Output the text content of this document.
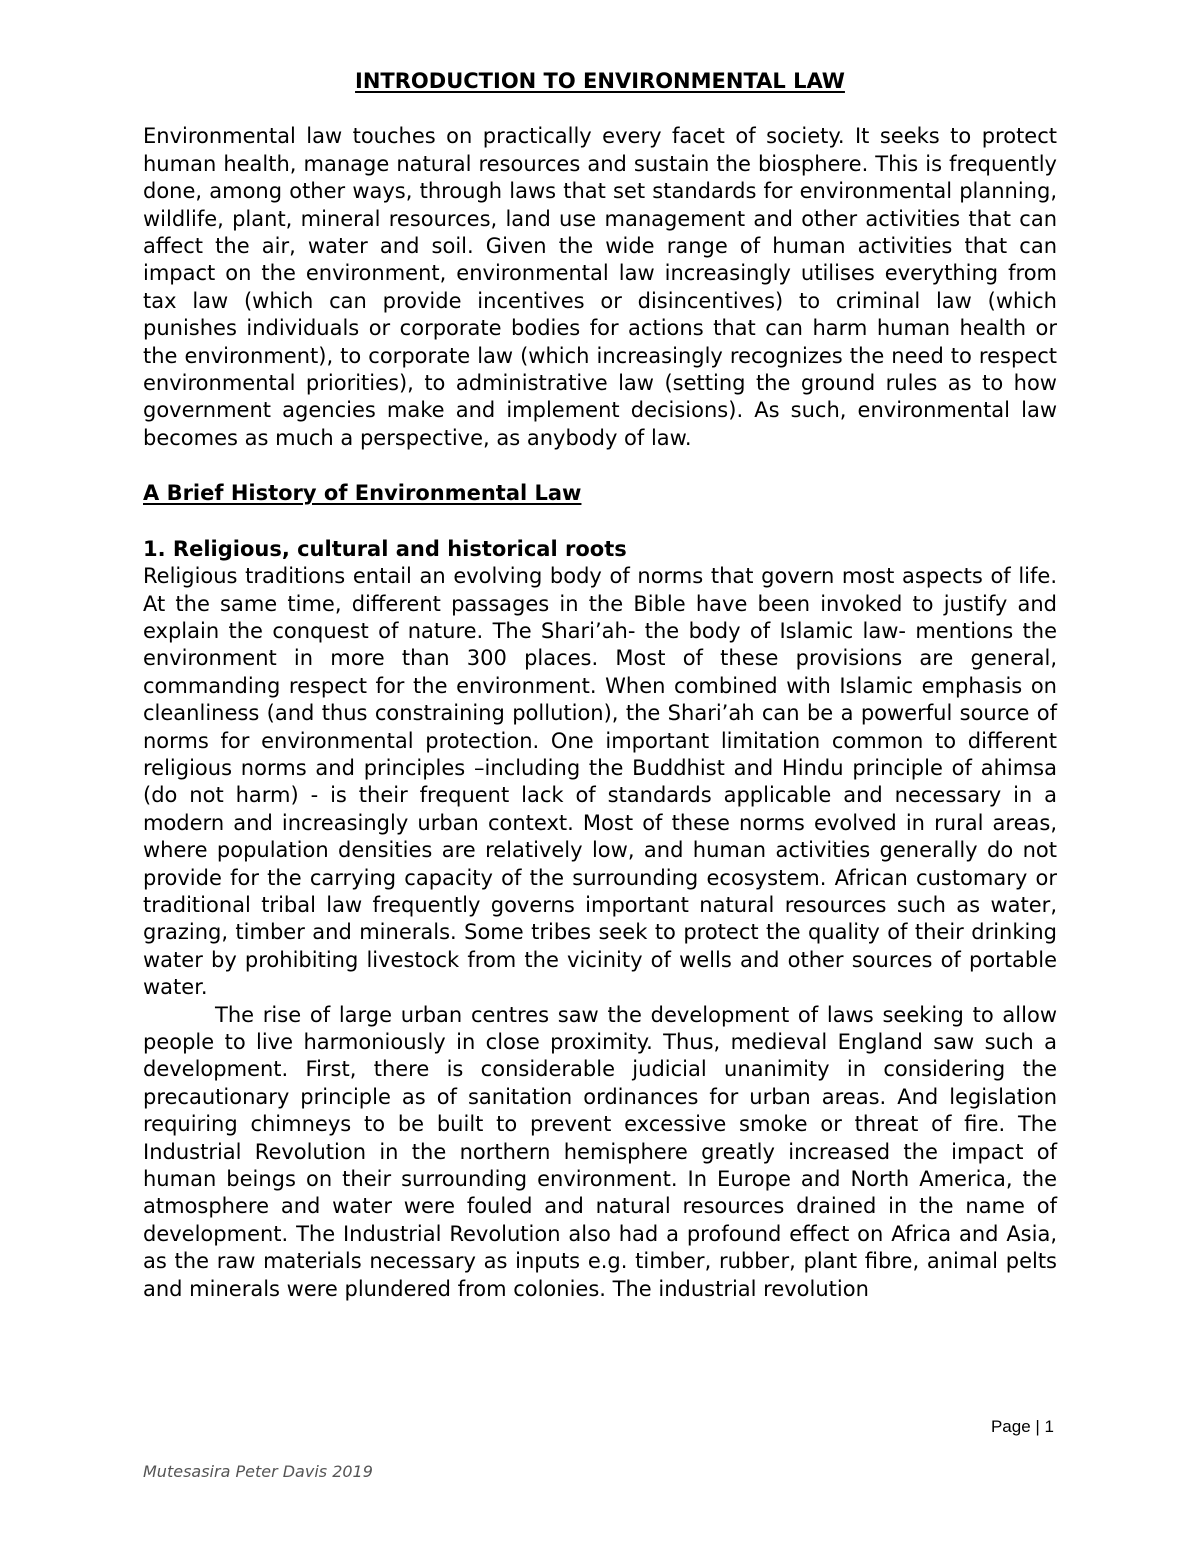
INTRODUCTION TO ENVIRONMENTAL LAW

Environmental law touches on practically every facet of society. It seeks to protect human health, manage natural resources and sustain the biosphere. This is frequently done, among other ways, through laws that set standards for environmental planning, wildlife, plant, mineral resources, land use management and other activities that can affect the air, water and soil. Given the wide range of human activities that can impact on the environment, environmental law increasingly utilises everything from tax law (which can provide incentives or disincentives) to criminal law (which punishes individuals or corporate bodies for actions that can harm human health or the environment), to corporate law (which increasingly recognizes the need to respect environmental priorities), to administrative law (setting the ground rules as to how government agencies make and implement decisions). As such, environmental law becomes as much a perspective, as anybody of law.

A Brief History of Environmental Law
1. Religious, cultural and historical roots

Religious traditions entail an evolving body of norms that govern most aspects of life. At the same time, different passages in the Bible have been invoked to justify and explain the conquest of nature. The Shari’ah- the body of Islamic law- mentions the environment in more than 300 places. Most of these provisions are general, commanding respect for the environment. When combined with Islamic emphasis on cleanliness (and thus constraining pollution), the Shari’ah can be a powerful source of norms for environmental protection. One important limitation common to different religious norms and principles –including the Buddhist and Hindu principle of ahimsa (do not harm) - is their frequent lack of standards applicable and necessary in a modern and increasingly urban context. Most of these norms evolved in rural areas, where population densities are relatively low, and human activities generally do not provide for the carrying capacity of the surrounding ecosystem. African customary or traditional tribal law frequently governs important natural resources such as water, grazing, timber and minerals. Some tribes seek to protect the quality of their drinking water by prohibiting livestock from the vicinity of wells and other sources of portable water.

The rise of large urban centres saw the development of laws seeking to allow people to live harmoniously in close proximity. Thus, medieval England saw such a development. First, there is considerable judicial unanimity in considering the precautionary principle as of sanitation ordinances for urban areas. And legislation requiring chimneys to be built to prevent excessive smoke or threat of fire. The Industrial Revolution in the northern hemisphere greatly increased the impact of human beings on their surrounding environment. In Europe and North America, the atmosphere and water were fouled and natural resources drained in the name of development. The Industrial Revolution also had a profound effect on Africa and Asia, as the raw materials necessary as inputs e.g. timber, rubber, plant fibre, animal pelts and minerals were plundered from colonies. The industrial revolution

Page | 1
Mutesasira Peter Davis 2019
